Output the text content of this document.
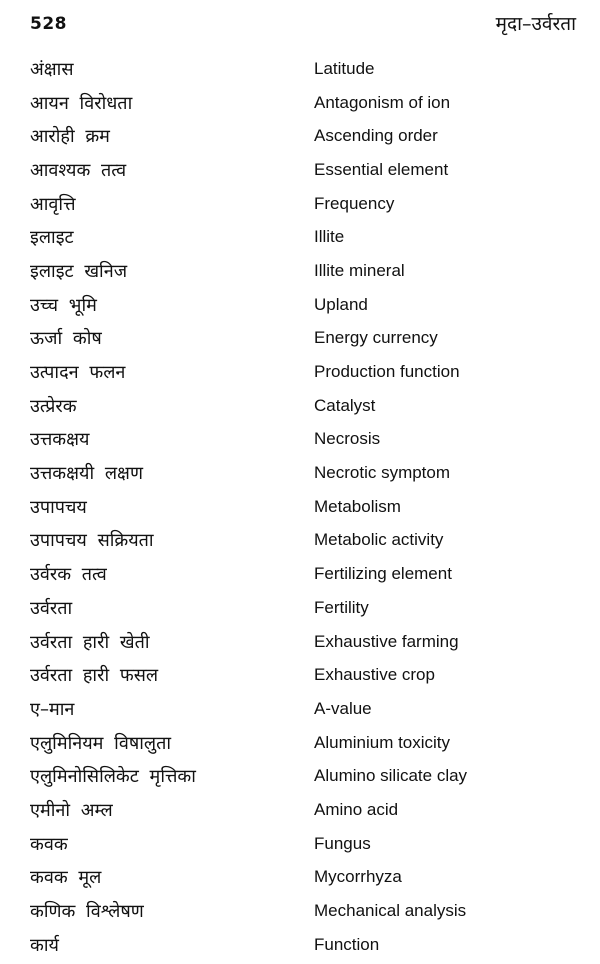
528	मृदा–उर्वरता
अंक्षास	Latitude
आयन विरोधता	Antagonism of ion
आरोही क्रम	Ascending order
आवश्यक तत्व	Essential element
आवृत्ति	Frequency
इलाइट	Illite
इलाइट खनिज	Illite mineral
उच्च भूमि	Upland
ऊर्जा कोष	Energy currency
उत्पादन फलन	Production function
उत्प्रेरक	Catalyst
उत्तकक्षय	Necrosis
उत्तकक्षयी लक्षण	Necrotic symptom
उपापचय	Metabolism
उपापचय सक्रियता	Metabolic activity
उर्वरक तत्व	Fertilizing element
उर्वरता	Fertility
उर्वरता हारी खेती	Exhaustive farming
उर्वरता हारी फसल	Exhaustive crop
ए–मान	A-value
एलुमिनियम विषालुता	Aluminium toxicity
एलुमिनोसिलिकेट मृत्तिका	Alumino silicate clay
एमीनो अम्ल	Amino acid
कवक	Fungus
कवक मूल	Mycorrhyza
कणिक विश्लेषण	Mechanical analysis
कार्य	Function
